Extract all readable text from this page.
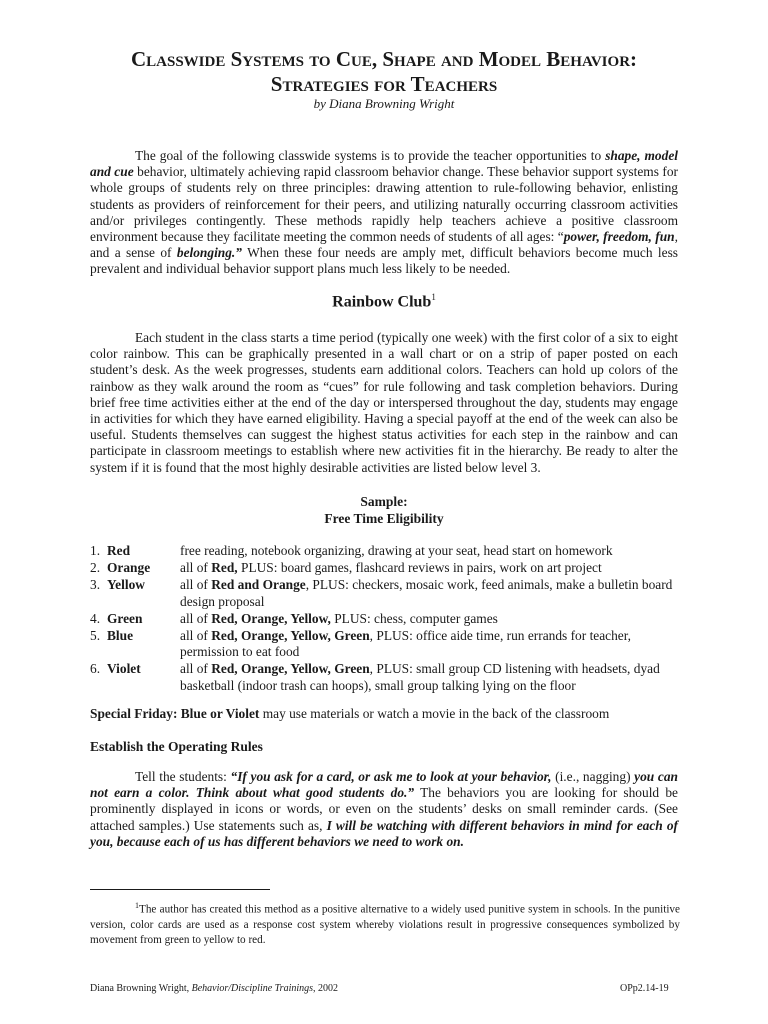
Classwide Systems to Cue, Shape and Model Behavior:
Strategies for Teachers
by Diana Browning Wright

The goal of the following classwide systems is to provide the teacher opportunities to shape, model and cue behavior, ultimately achieving rapid classroom behavior change. These behavior support systems for whole groups of students rely on three principles: drawing attention to rule-following behavior, enlisting students as providers of reinforcement for their peers, and utilizing naturally occurring classroom activities and/or privileges contingently. These methods rapidly help teachers achieve a positive classroom environment because they facilitate meeting the common needs of students of all ages: “power, freedom, fun, and a sense of belonging.” When these four needs are amply met, difficult behaviors become much less prevalent and individual behavior support plans much less likely to be needed.

Rainbow Club$^1$

Each student in the class starts a time period (typically one week) with the first color of a six to eight color rainbow. This can be graphically presented in a wall chart or on a strip of paper posted on each student’s desk. As the week progresses, students earn additional colors. Teachers can hold up colors of the rainbow as they walk around the room as “cues” for rule following and task completion behaviors. During brief free time activities either at the end of the day or interspersed throughout the day, students may engage in activities for which they have earned eligibility. Having a special payoff at the end of the week can also be useful. Students themselves can suggest the highest status activities for each step in the rainbow and can participate in classroom meetings to establish where new activities fit in the hierarchy. Be ready to alter the system if it is found that the most highly desirable activities are listed below level 3.

Sample:
Free Time Eligibility
1. Red	free reading, notebook organizing, drawing at your seat, head start on homework
2. Orange all of Red, PLUS: board games, flashcard reviews in pairs, work on art project
3. Yellow	all of Red and Orange, PLUS: checkers, mosaic work, feed animals, make a bulletin board design proposal
4. Green	all of Red, Orange, Yellow, PLUS: chess, computer games
5. Blue	all of Red, Orange, Yellow, Green, PLUS: office aide time, run errands for teacher, permission to eat food
6. Violet	all of Red, Orange, Yellow, Green, PLUS: small group CD listening with headsets, dyad basketball (indoor trash can hoops), small group talking lying on the floor
Special Friday: Blue or Violet may use materials or watch a movie in the back of the classroom
Establish the Operating Rules

Tell the students: “If you ask for a card, or ask me to look at your behavior, (i.e., nagging) you can not earn a color. Think about what good students do.” The behaviors you are looking for should be prominently displayed in icons or words, or even on the students’ desks on small reminder cards. (See attached samples.) Use statements such as, I will be watching with different behaviors in mind for each of you, because each of us has different behaviors we need to work on.

$^1$The author has created this method as a positive alternative to a widely used punitive system in schools. In the punitive version, color cards are used as a response cost system whereby violations result in progressive consequences symbolized by movement from green to yellow to red.
Diana Browning Wright, Behavior/Discipline Trainings, 2002	OPp2.14-19
